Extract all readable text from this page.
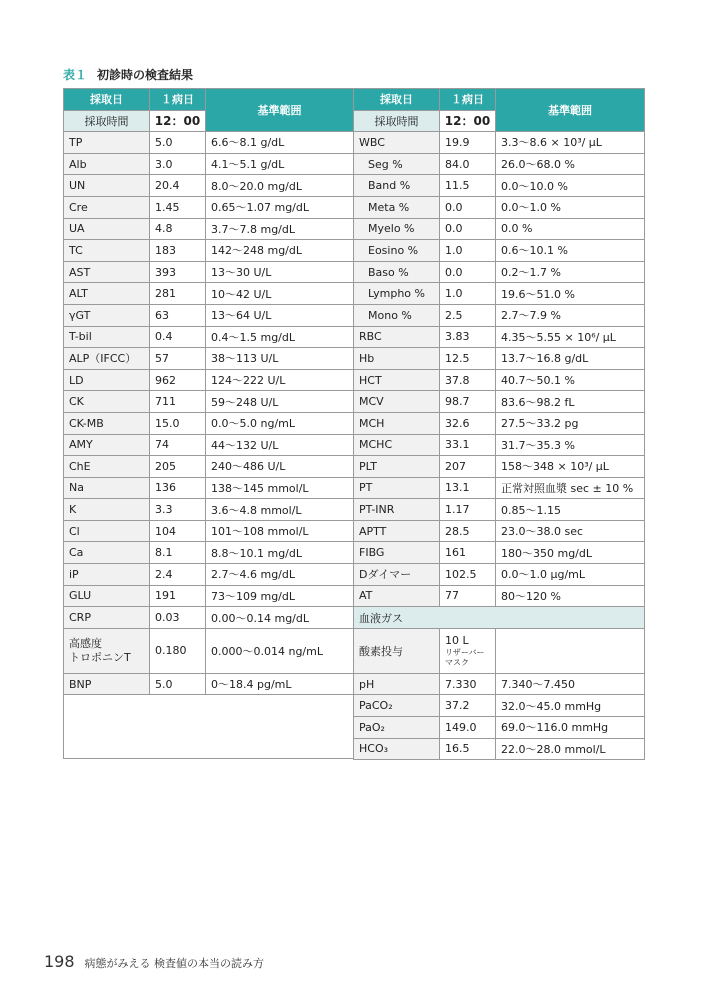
表１ 初診時の検査結果
採取日	１病日	基準範囲
採取時間	12：00	
TP	5.0	6.6～8.1 g/dL
Alb	3.0	4.1～5.1 g/dL
UN	20.4	8.0～20.0 mg/dL
Cre	1.45	0.65～1.07 mg/dL
UA	4.8	3.7～7.8 mg/dL
TC	183	142～248 mg/dL
AST	393	13～30 U/L
ALT	281	10～42 U/L
γGT	63	13～64 U/L
T-bil	0.4	0.4～1.5 mg/dL
ALP（IFCC）	57	38～113 U/L
LD	962	124～222 U/L
CK	711	59～248 U/L
CK-MB	15.0	0.0～5.0 ng/mL
AMY	74	44～132 U/L
ChE	205	240～486 U/L
Na	136	138～145 mmol/L
K	3.3	3.6～4.8 mmol/L
Cl	104	101～108 mmol/L
Ca	8.1	8.8～10.1 mg/dL
iP	2.4	2.7～4.6 mg/dL
GLU	191	73～109 mg/dL
CRP	0.03	0.00～0.14 mg/dL
高感度
トロポニンT	0.180	0.000～0.014 ng/mL
BNP	5.0	0～18.4 pg/mL

採取日	１病日	基準範囲
採取時間	12：00	
WBC	19.9	3.3～8.6 × 10³/ μL
Seg %	84.0	26.0～68.0 %
Band %	11.5	0.0～10.0 %
Meta %	0.0	0.0～1.0 %
Myelo %	0.0	0.0 %
Eosino %	1.0	0.6～10.1 %
Baso %	0.0	0.2～1.7 %
Lympho %	1.0	19.6～51.0 %
Mono %	2.5	2.7～7.9 %
RBC	3.83	4.35～5.55 × 10⁶/ μL
Hb	12.5	13.7～16.8 g/dL
HCT	37.8	40.7～50.1 %
MCV	98.7	83.6～98.2 fL
MCH	32.6	27.5～33.2 pg
MCHC	33.1	31.7～35.3 %
PLT	207	158～348 × 10³/ μL
PT	13.1	正常対照血漿 sec ± 10 %
PT-INR	1.17	0.85～1.15
APTT	28.5	23.0～38.0 sec
FIBG	161	180～350 mg/dL
Dダイマー	102.5	0.0～1.0 μg/mL
AT	77	80～120 %
血液ガス		
酸素投与	10 L
リザーバー
マスク	

pH	7.330	7.340～7.450
PaCO₂	37.2	32.0～45.0 mmHg
PaO₂	149.0	69.0～116.0 mmHg
HCO₃	16.5	22.0～28.0 mmol/L
198 病態がみえる 検査値の本当の読み方
